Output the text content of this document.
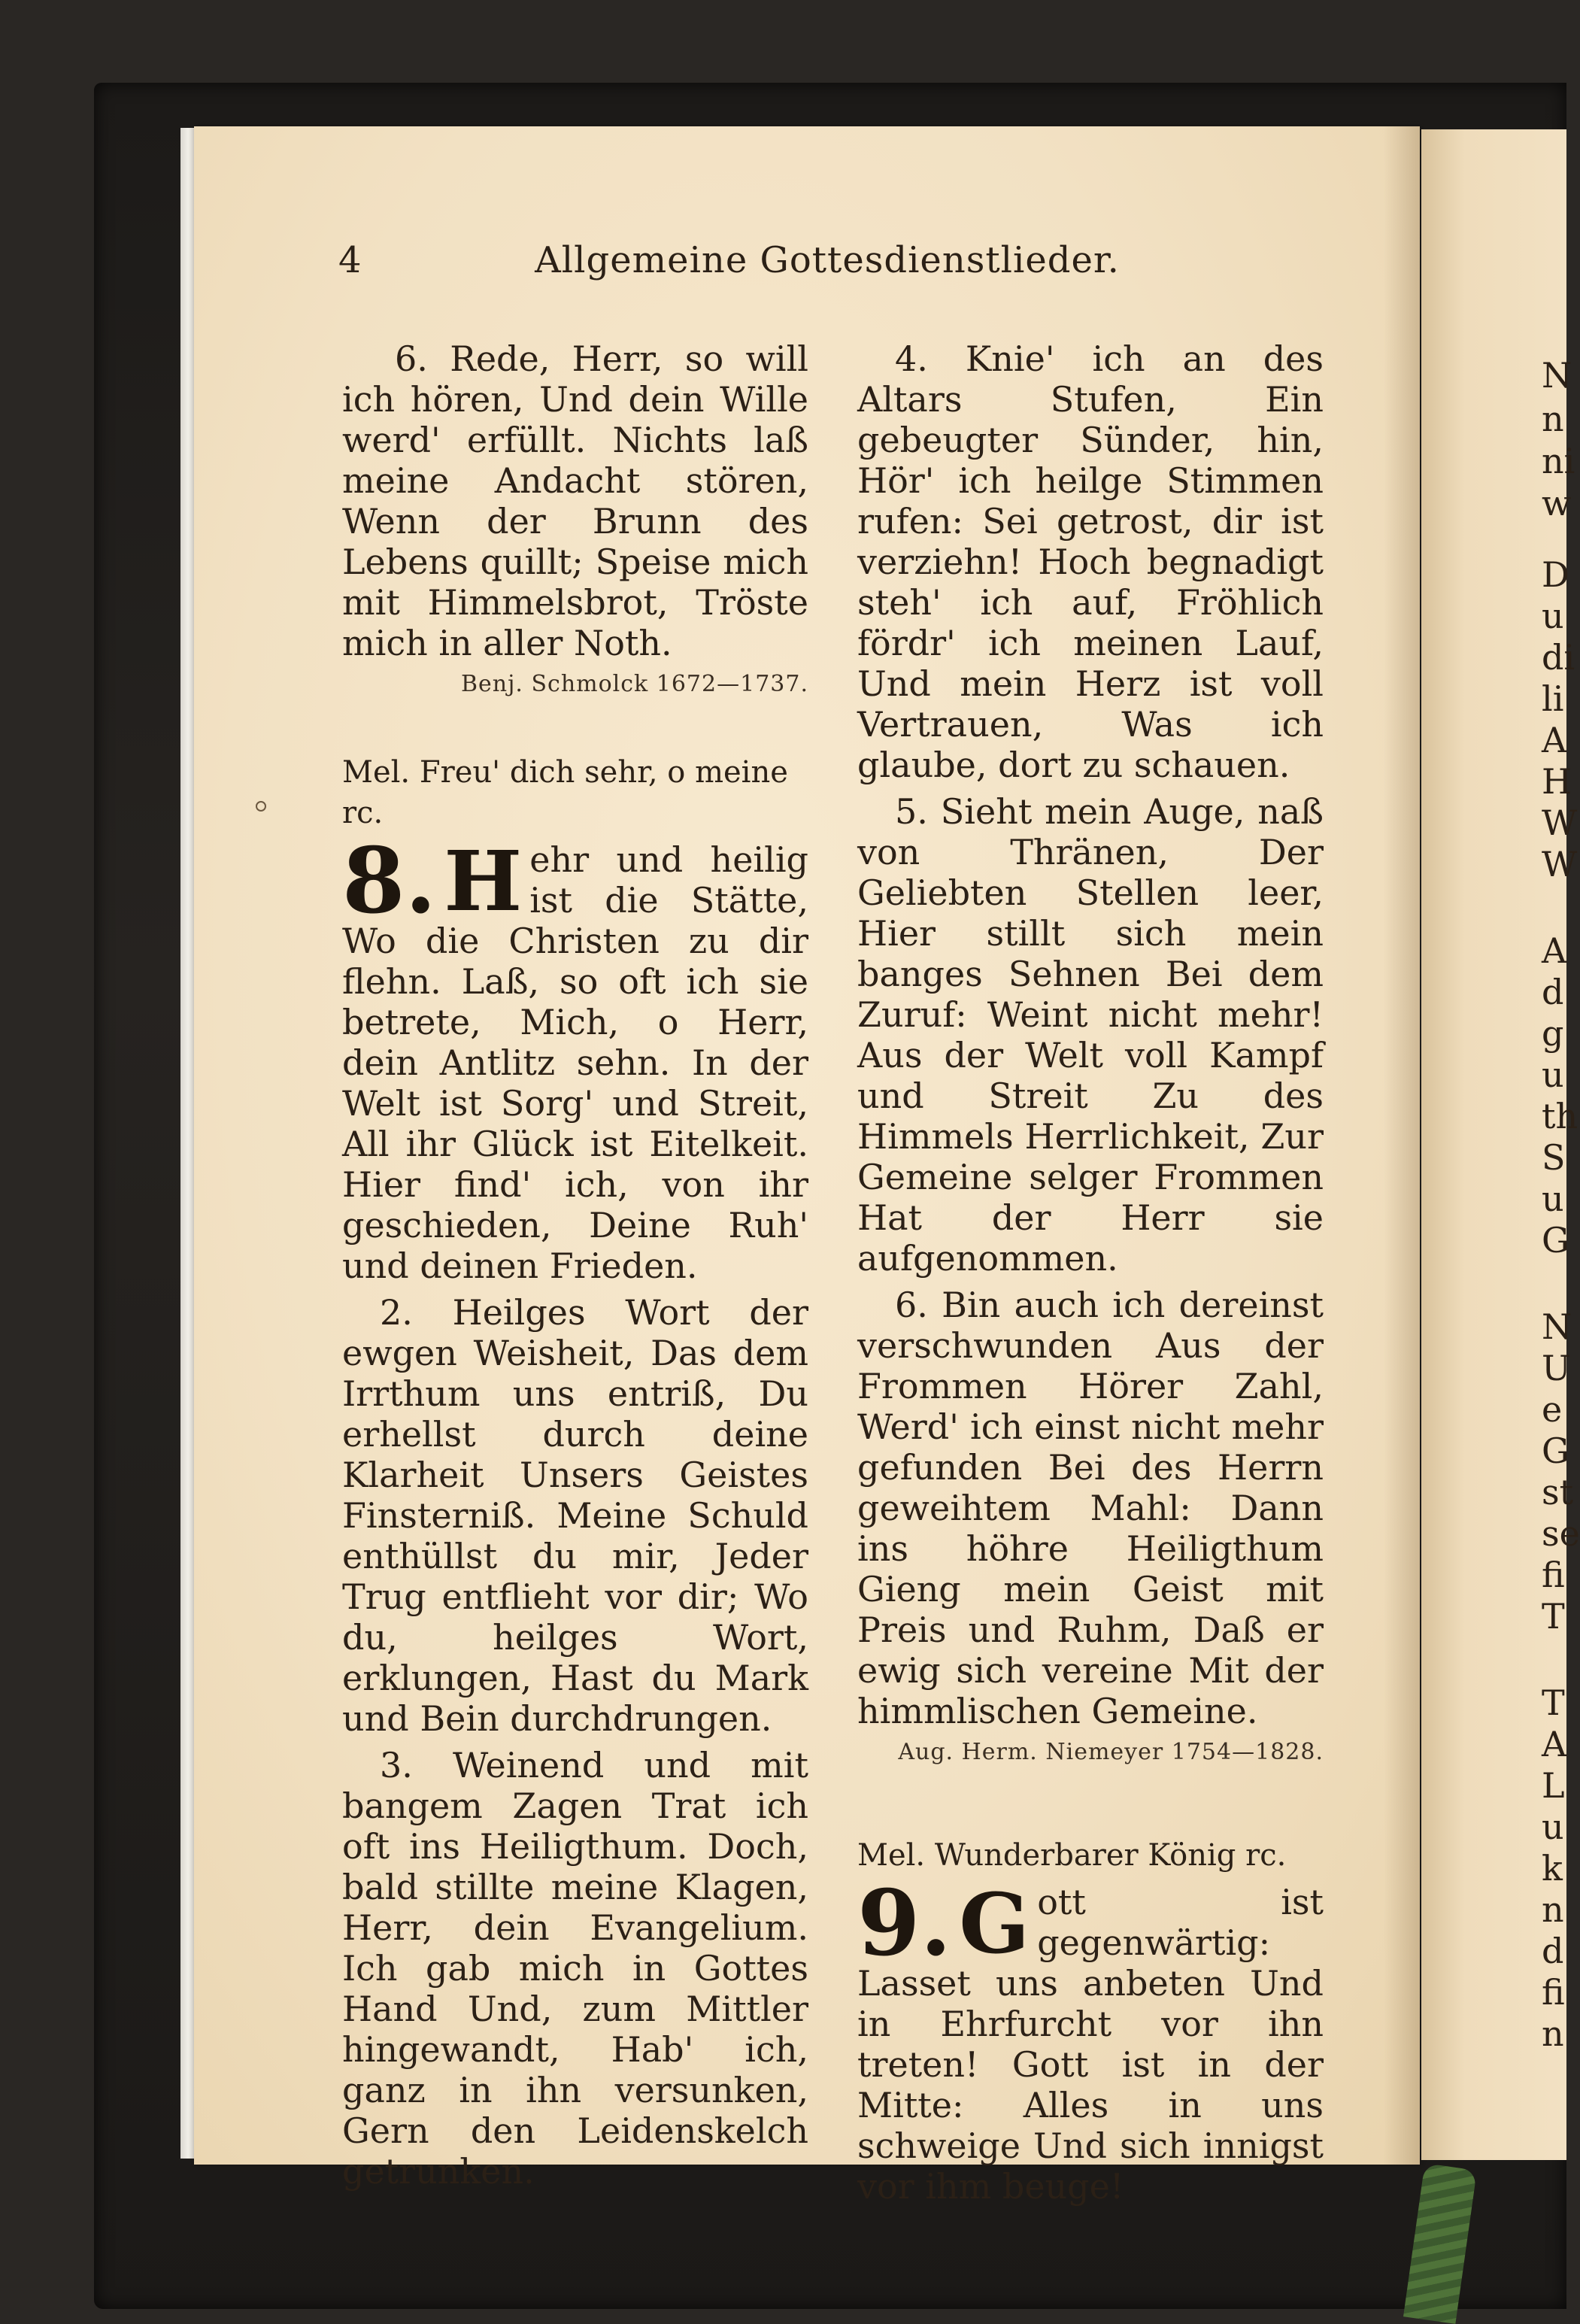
N
n
ni
w
D
u
di
li
A
H
W
W
A
d
g
u
th
S
u
G
N
U
e
G
st
se
fi
T
T
A
L
u
k
n
d
fi
n
4	Allgemeine Gottesdienstlieder.

6. Rede, Herr, so will ich hören, Und dein Wille werd' erfüllt. Nichts laß meine Andacht stören, Wenn der Brunn des Lebens quillt; Speise mich mit Himmelsbrot, Tröste mich in aller Noth.

Benj. Schmolck 1672—1737.
Mel. Freu' dich sehr, o meine rc.

8. H ehr und heilig ist die Stätte, Wo die Christen zu dir flehn. Laß, so oft ich sie betrete, Mich, o Herr, dein Antlitz sehn. In der Welt ist Sorg' und Streit, All ihr Glück ist Eitelkeit. Hier find' ich, von ihr geschieden, Deine Ruh' und deinen Frieden.

2. Heilges Wort der ewgen Weisheit, Das dem Irrthum uns entriß, Du erhellst durch deine Klarheit Unsers Geistes Finsterniß. Meine Schuld enthüllst du mir, Jeder Trug entflieht vor dir; Wo du, heilges Wort, erklungen, Hast du Mark und Bein durchdrungen.

3. Weinend und mit bangem Zagen Trat ich oft ins Heiligthum. Doch, bald stillte meine Klagen, Herr, dein Evangelium. Ich gab mich in Gottes Hand Und, zum Mittler hingewandt, Hab' ich, ganz in ihn versunken, Gern den Leidenskelch getrunken.

4. Knie' ich an des Altars Stufen, Ein gebeugter Sünder, hin, Hör' ich heilge Stimmen rufen: Sei getrost, dir ist verziehn! Hoch begnadigt steh' ich auf, Fröhlich fördr' ich meinen Lauf, Und mein Herz ist voll Vertrauen, Was ich glaube, dort zu schauen.

5. Sieht mein Auge, naß von Thränen, Der Geliebten Stellen leer, Hier stillt sich mein banges Sehnen Bei dem Zuruf: Weint nicht mehr! Aus der Welt voll Kampf und Streit Zu des Himmels Herrlichkeit, Zur Gemeine selger Frommen Hat der Herr sie aufgenommen.

6. Bin auch ich dereinst verschwunden Aus der Frommen Hörer Zahl, Werd' ich einst nicht mehr gefunden Bei des Herrn geweihtem Mahl: Dann ins höhre Heiligthum Gieng mein Geist mit Preis und Ruhm, Daß er ewig sich vereine Mit der himmlischen Gemeine.

Aug. Herm. Niemeyer 1754—1828.
Mel. Wunderbarer König rc.

9. G ott ist gegenwärtig: Lasset uns anbeten Und in Ehrfurcht vor ihn treten! Gott ist in der Mitte: Alles in uns schweige Und sich innigst vor ihm beuge!
